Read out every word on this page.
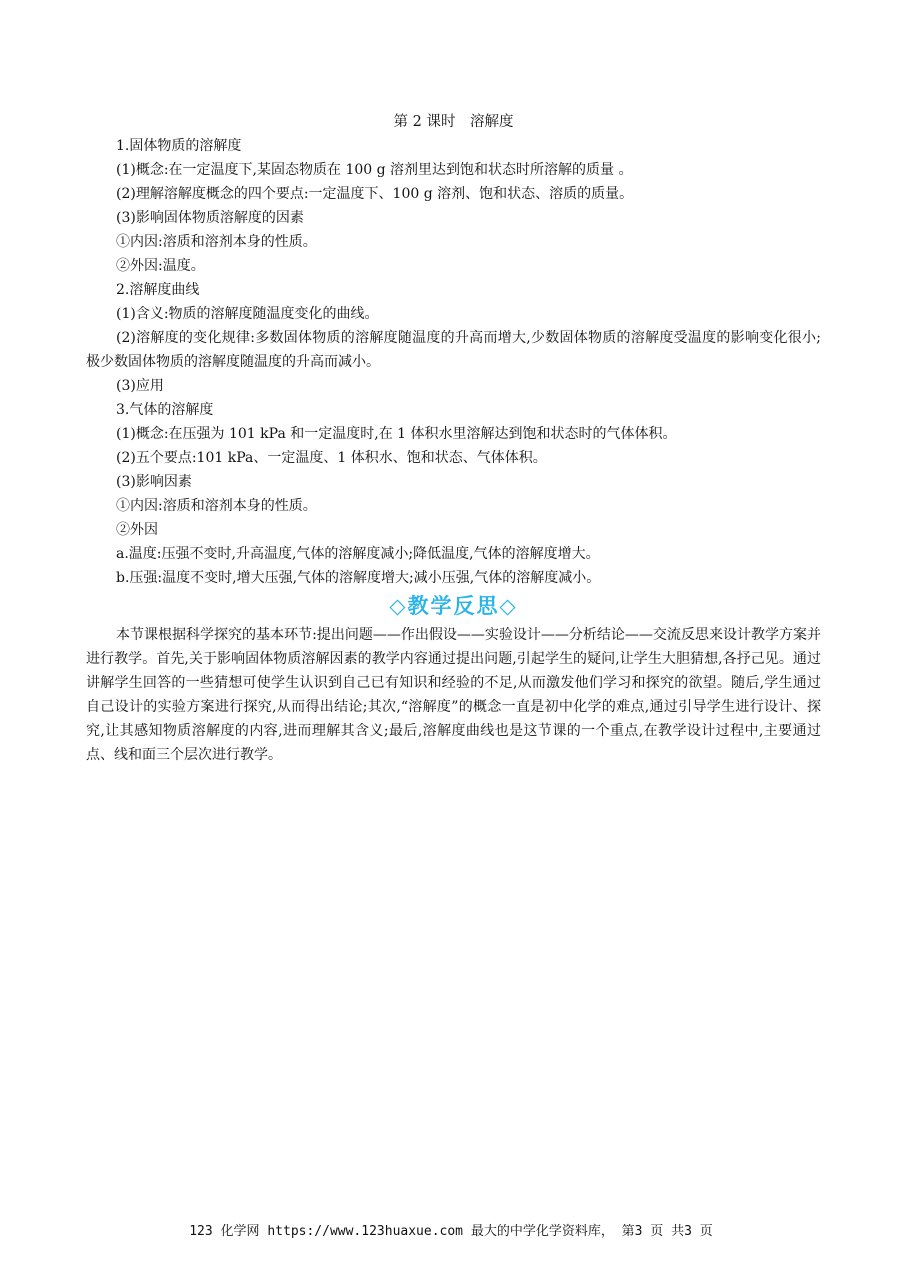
第 2 课时　溶解度

1.固体物质的溶解度

(1)概念:在一定温度下,某固态物质在 100 g 溶剂里达到饱和状态时所溶解的质量 。

(2)理解溶解度概念的四个要点:一定温度下、100 g 溶剂、饱和状态、溶质的质量。

(3)影响固体物质溶解度的因素

①内因:溶质和溶剂本身的性质。

②外因:温度。

2.溶解度曲线

(1)含义:物质的溶解度随温度变化的曲线。

(2)溶解度的变化规律:多数固体物质的溶解度随温度的升高而增大,少数固体物质的溶解度受温度的影响变化很小;极少数固体物质的溶解度随温度的升高而减小。

(3)应用

3.气体的溶解度

(1)概念:在压强为 101 kPa 和一定温度时,在 1 体积水里溶解达到饱和状态时的气体体积。

(2)五个要点:101 kPa、一定温度、1 体积水、饱和状态、气体体积。

(3)影响因素

①内因:溶质和溶剂本身的性质。

②外因

a.温度:压强不变时,升高温度,气体的溶解度减小;降低温度,气体的溶解度增大。

b.压强:温度不变时,增大压强,气体的溶解度增大;减小压强,气体的溶解度减小。

◇教学反思◇

本节课根据科学探究的基本环节:提出问题——作出假设——实验设计——分析结论——交流反思来设计教学方案并进行教学。首先,关于影响固体物质溶解因素的教学内容通过提出问题,引起学生的疑问,让学生大胆猜想,各抒己见。通过讲解学生回答的一些猜想可使学生认识到自己已有知识和经验的不足,从而激发他们学习和探究的欲望。随后,学生通过自己设计的实验方案进行探究,从而得出结论;其次,“溶解度”的概念一直是初中化学的难点,通过引导学生进行设计、探究,让其感知物质溶解度的内容,进而理解其含义;最后,溶解度曲线也是这节课的一个重点,在教学设计过程中,主要通过点、线和面三个层次进行教学。

123 化学网 https://www.123huaxue.com 最大的中学化学资料库， 第3 页 共3 页
